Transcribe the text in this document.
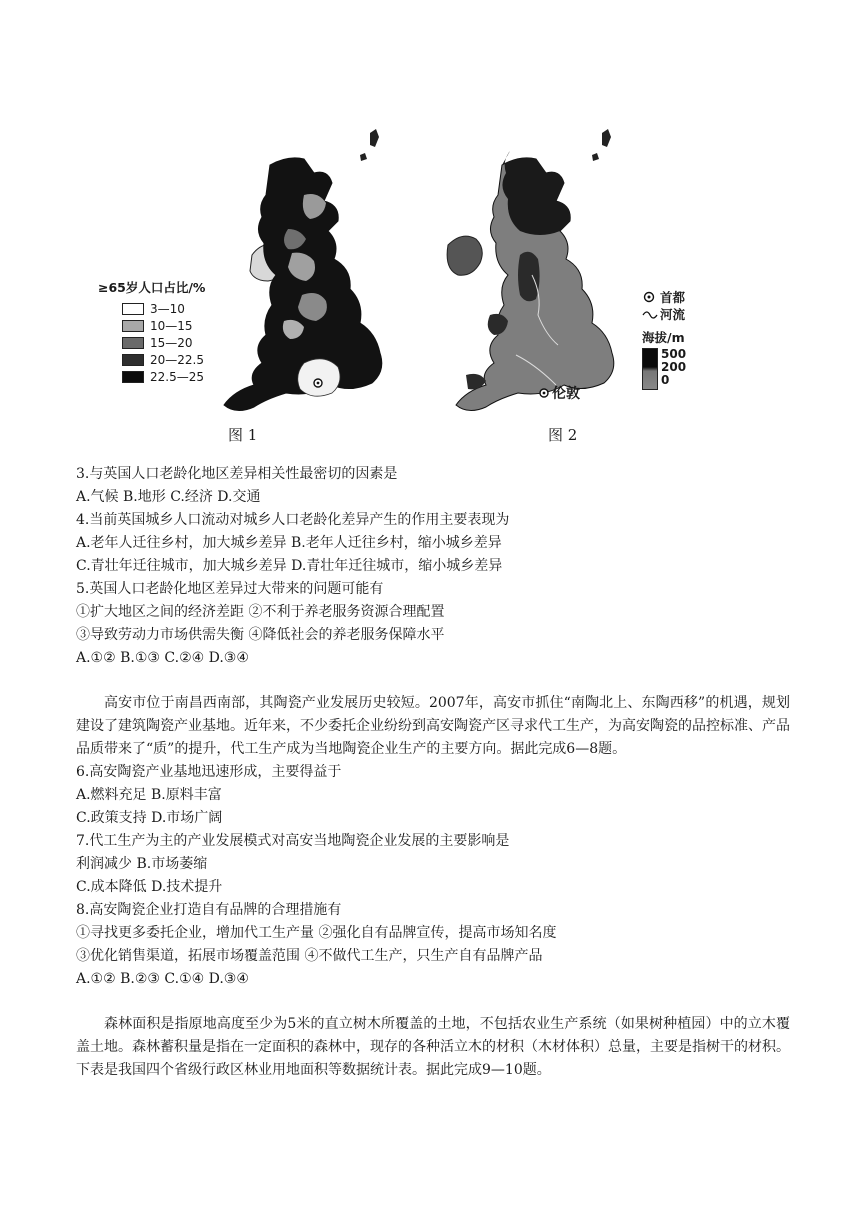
≥65岁人口占比/%
3—10
10—15
15—20
20—22.5
22.5—25
图 1
伦敦
图 2
首都
河流
海拔/m
500
200
0

3.与英国人口老龄化地区差异相关性最密切的因素是

A.气候 B.地形 C.经济 D.交通

4.当前英国城乡人口流动对城乡人口老龄化差异产生的作用主要表现为

A.老年人迁往乡村，加大城乡差异 B.老年人迁往乡村，缩小城乡差异

C.青壮年迁往城市，加大城乡差异 D.青壮年迁往城市，缩小城乡差异

5.英国人口老龄化地区差异过大带来的问题可能有

①扩大地区之间的经济差距 ②不利于养老服务资源合理配置

③导致劳动力市场供需失衡 ④降低社会的养老服务保障水平

A.①② B.①③ C.②④ D.③④

高安市位于南昌西南部，其陶瓷产业发展历史较短。2007年，高安市抓住“南陶北上、东陶西移”的机遇，规划建设了建筑陶瓷产业基地。近年来，不少委托企业纷纷到高安陶瓷产区寻求代工生产，为高安陶瓷的品控标准、产品品质带来了“质”的提升，代工生产成为当地陶瓷企业生产的主要方向。据此完成6—8题。

6.高安陶瓷产业基地迅速形成，主要得益于

A.燃料充足 B.原料丰富

C.政策支持 D.市场广阔

7.代工生产为主的产业发展模式对高安当地陶瓷企业发展的主要影响是

利润减少 B.市场萎缩

C.成本降低 D.技术提升

8.高安陶瓷企业打造自有品牌的合理措施有

①寻找更多委托企业，增加代工生产量 ②强化自有品牌宣传，提高市场知名度

③优化销售渠道，拓展市场覆盖范围 ④不做代工生产，只生产自有品牌产品

A.①② B.②③ C.①④ D.③④

森林面积是指原地高度至少为5米的直立树木所覆盖的土地，不包括农业生产系统（如果树种植园）中的立木覆盖土地。森林蓄积量是指在一定面积的森林中，现存的各种活立木的材积（木材体积）总量，主要是指树干的材积。下表是我国四个省级行政区林业用地面积等数据统计表。据此完成9—10题。
